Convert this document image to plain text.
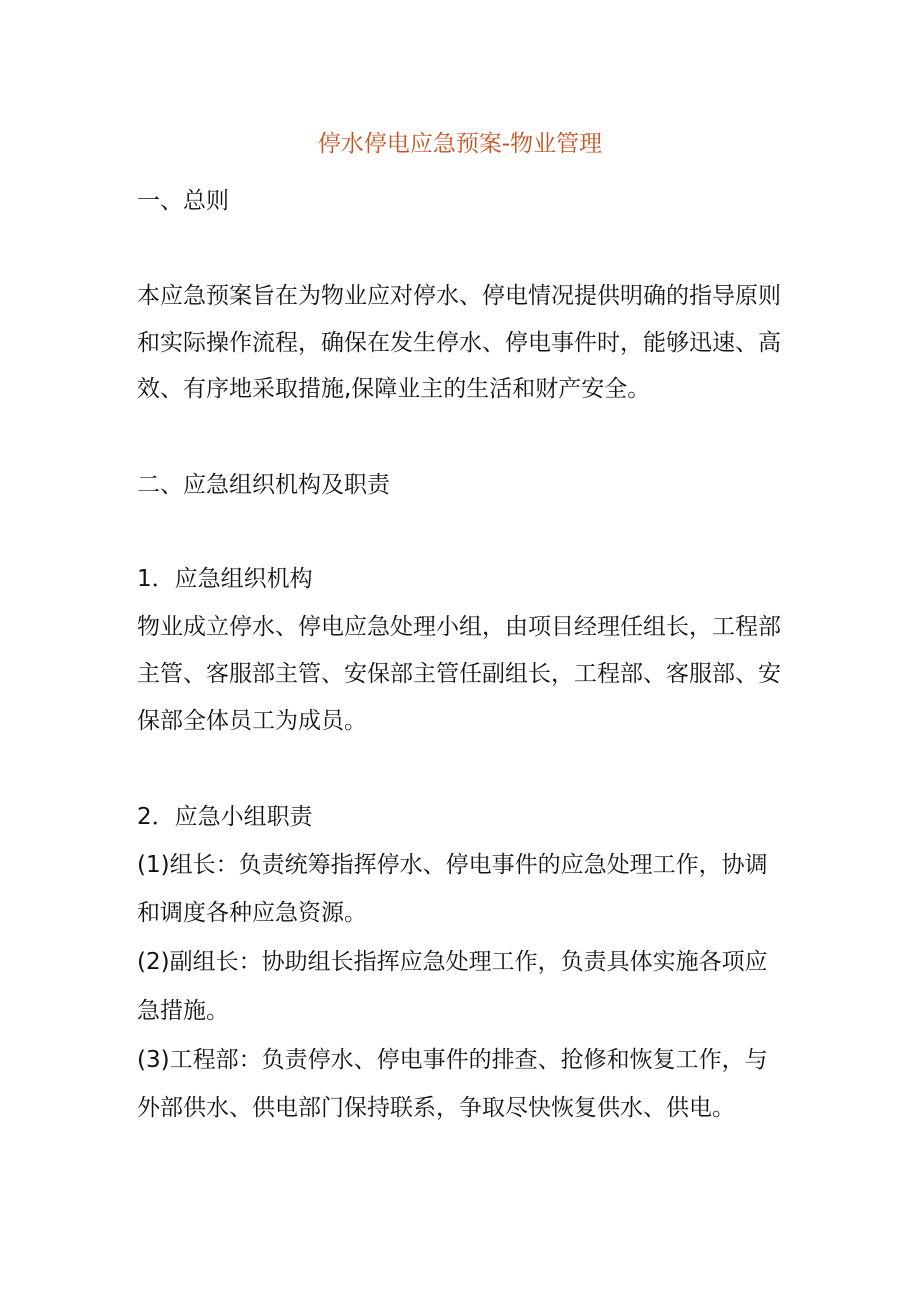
停水停电应急预案-物业管理
一、总则
本应急预案旨在为物业应对停水、停电情况提供明确的指导原则
和实际操作流程，确保在发生停水、停电事件时，能够迅速、高
效、有序地采取措施,保障业主的生活和财产安全。
二、应急组织机构及职责
1．应急组织机构
物业成立停水、停电应急处理小组，由项目经理任组长，工程部
主管、客服部主管、安保部主管任副组长，工程部、客服部、安
保部全体员工为成员。
2．应急小组职责
(1)组长：负责统筹指挥停水、停电事件的应急处理工作，协调
和调度各种应急资源。
(2)副组长：协助组长指挥应急处理工作，负责具体实施各项应
急措施。
(3)工程部：负责停水、停电事件的排查、抢修和恢复工作，与
外部供水、供电部门保持联系，争取尽快恢复供水、供电。
